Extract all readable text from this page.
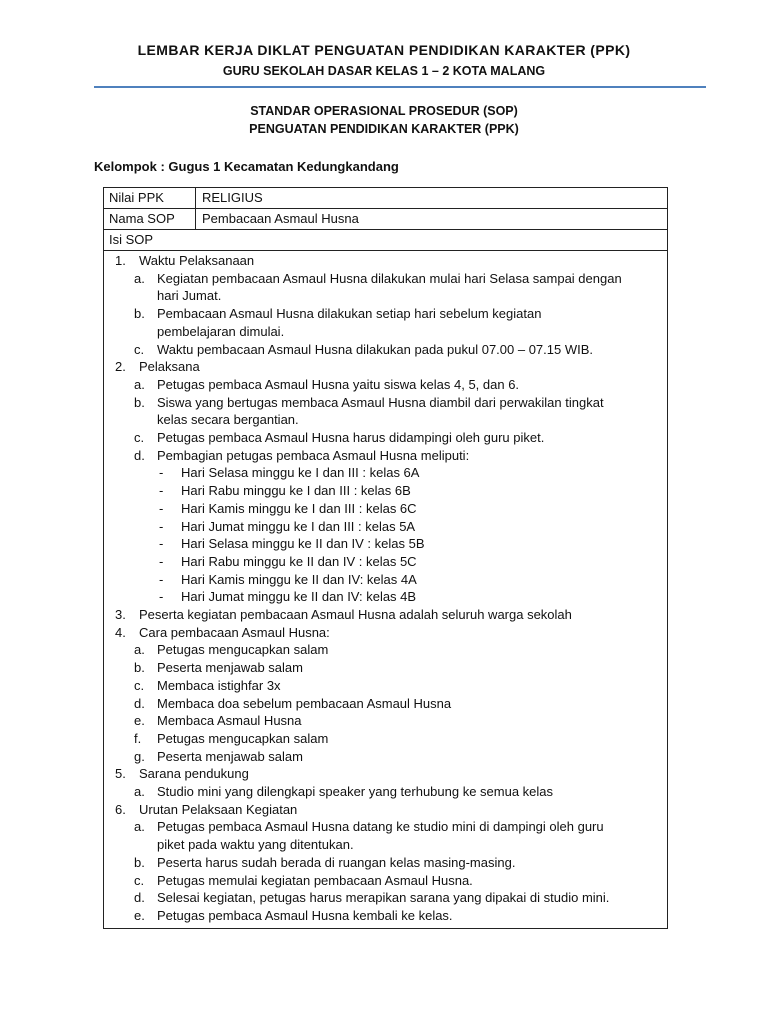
LEMBAR KERJA DIKLAT PENGUATAN PENDIDIKAN KARAKTER (PPK)
GURU SEKOLAH DASAR KELAS 1 – 2 KOTA MALANG
STANDAR OPERASIONAL PROSEDUR (SOP)
PENGUATAN PENDIDIKAN KARAKTER (PPK)
Kelompok : Gugus 1 Kecamatan Kedungkandang
Nilai PPK	RELIGIUS
Nama SOP Pembacaan Asmaul Husna
Isi SOP
1. Waktu Pelaksanaan
a. Kegiatan pembacaan Asmaul Husna dilakukan mulai hari Selasa sampai dengan
hari Jumat.
b. Pembacaan Asmaul Husna dilakukan setiap hari sebelum kegiatan
pembelajaran dimulai.
c. Waktu pembacaan Asmaul Husna dilakukan pada pukul 07.00 – 07.15 WIB.
2. Pelaksana
a. Petugas pembaca Asmaul Husna yaitu siswa kelas 4, 5, dan 6.
b. Siswa yang bertugas membaca Asmaul Husna diambil dari perwakilan tingkat
kelas secara bergantian.
c. Petugas pembaca Asmaul Husna harus didampingi oleh guru piket.
d. Pembagian petugas pembaca Asmaul Husna meliputi:
- Hari Selasa minggu ke I dan III : kelas 6A
- Hari Rabu minggu ke I dan III : kelas 6B
- Hari Kamis minggu ke I dan III : kelas 6C
- Hari Jumat minggu ke I dan III : kelas 5A
- Hari Selasa minggu ke II dan IV : kelas 5B
- Hari Rabu minggu ke II dan IV : kelas 5C
- Hari Kamis minggu ke II dan IV: kelas 4A
- Hari Jumat minggu ke II dan IV: kelas 4B
3. Peserta kegiatan pembacaan Asmaul Husna adalah seluruh warga sekolah
4. Cara pembacaan Asmaul Husna:
a. Petugas mengucapkan salam
b. Peserta menjawab salam
c. Membaca istighfar 3x
d. Membaca doa sebelum pembacaan Asmaul Husna
e. Membaca Asmaul Husna
f. Petugas mengucapkan salam
g. Peserta menjawab salam
5. Sarana pendukung
a. Studio mini yang dilengkapi speaker yang terhubung ke semua kelas
6. Urutan Pelaksaan Kegiatan
a. Petugas pembaca Asmaul Husna datang ke studio mini di dampingi oleh guru
piket pada waktu yang ditentukan.
b. Peserta harus sudah berada di ruangan kelas masing-masing.
c. Petugas memulai kegiatan pembacaan Asmaul Husna.
d. Selesai kegiatan, petugas harus merapikan sarana yang dipakai di studio mini.
e. Petugas pembaca Asmaul Husna kembali ke kelas.
